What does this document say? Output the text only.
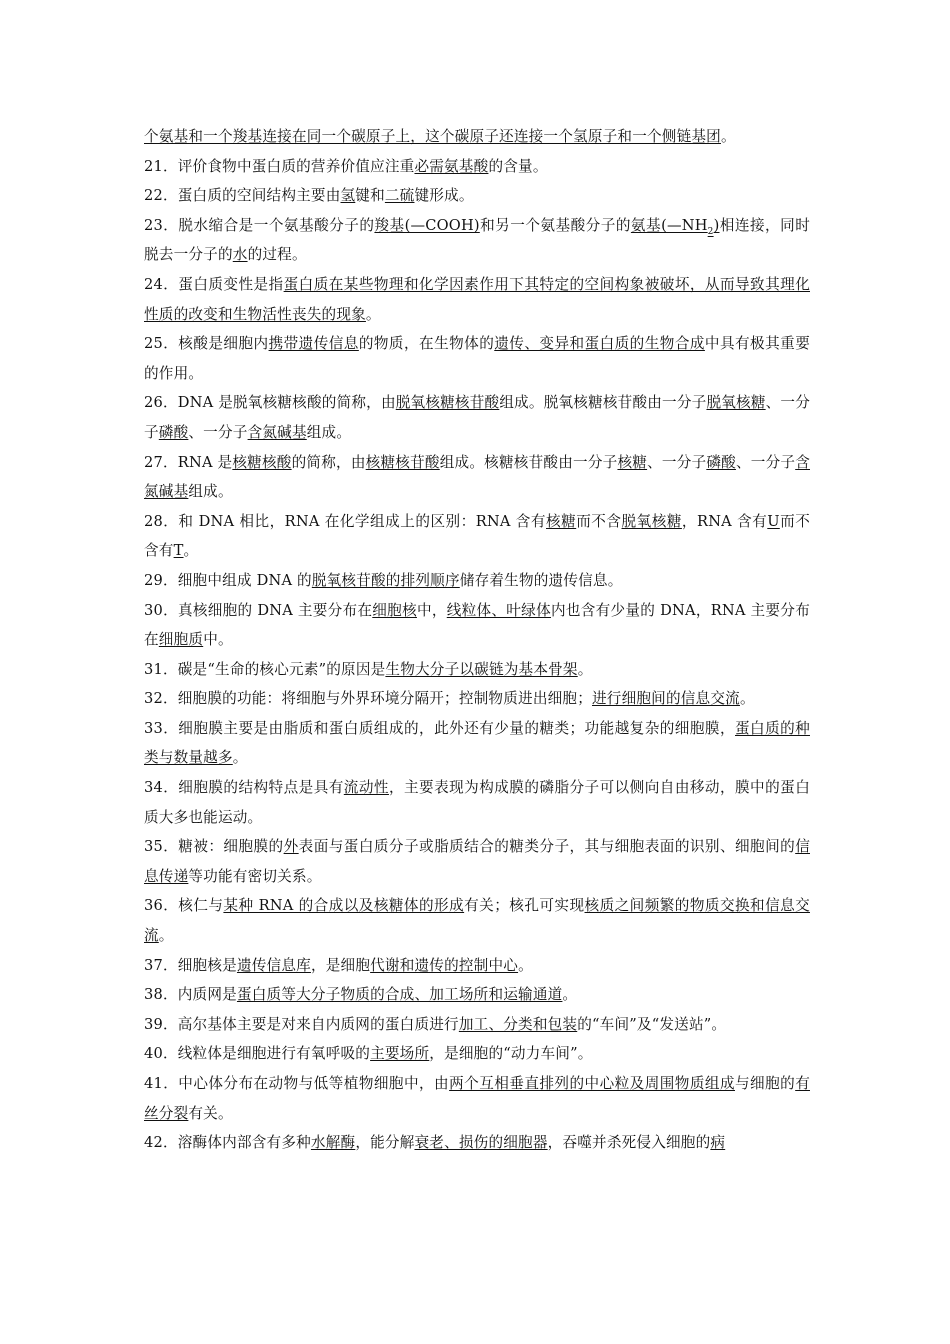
个氨基和一个羧基连接在同一个碳原子上，这个碳原子还连接一个氢原子和一个侧链基团。

21．评价食物中蛋白质的营养价值应注重必需氨基酸的含量。

22．蛋白质的空间结构主要由氢键和二硫键形成。

23．脱水缩合是一个氨基酸分子的羧基(—COOH)和另一个氨基酸分子的氨基$(—NH_2)$相连接，同时脱去一分子的水的过程。

24．蛋白质变性是指蛋白质在某些物理和化学因素作用下其特定的空间构象被破坏，从而导致其理化性质的改变和生物活性丧失的现象。

25．核酸是细胞内携带遗传信息的物质，在生物体的遗传、变异和蛋白质的生物合成中具有极其重要的作用。

26．DNA 是脱氧核糖核酸的简称，由脱氧核糖核苷酸组成。脱氧核糖核苷酸由一分子脱氧核糖、一分子磷酸、一分子含氮碱基组成。

27．RNA 是核糖核酸的简称，由核糖核苷酸组成。核糖核苷酸由一分子核糖、一分子磷酸、一分子含氮碱基组成。

28．和 DNA 相比，RNA 在化学组成上的区别：RNA 含有核糖而不含脱氧核糖，RNA 含有U而不含有T。

29．细胞中组成 DNA 的脱氧核苷酸的排列顺序储存着生物的遗传信息。

30．真核细胞的 DNA 主要分布在细胞核中，线粒体、叶绿体内也含有少量的 DNA，RNA 主要分布在细胞质中。

31．碳是“生命的核心元素”的原因是生物大分子以碳链为基本骨架。

32．细胞膜的功能：将细胞与外界环境分隔开；控制物质进出细胞；进行细胞间的信息交流。

33．细胞膜主要是由脂质和蛋白质组成的，此外还有少量的糖类；功能越复杂的细胞膜，蛋白质的种类与数量越多。

34．细胞膜的结构特点是具有流动性，主要表现为构成膜的磷脂分子可以侧向自由移动，膜中的蛋白质大多也能运动。

35．糖被：细胞膜的外表面与蛋白质分子或脂质结合的糖类分子，其与细胞表面的识别、细胞间的信息传递等功能有密切关系。

36．核仁与某种 RNA 的合成以及核糖体的形成有关；核孔可实现核质之间频繁的物质交换和信息交流。

37．细胞核是遗传信息库，是细胞代谢和遗传的控制中心。

38．内质网是蛋白质等大分子物质的合成、加工场所和运输通道。

39．高尔基体主要是对来自内质网的蛋白质进行加工、分类和包装的“车间”及“发送站”。

40．线粒体是细胞进行有氧呼吸的主要场所，是细胞的“动力车间”。

41．中心体分布在动物与低等植物细胞中，由两个互相垂直排列的中心粒及周围物质组成与细胞的有丝分裂有关。

42．溶酶体内部含有多种水解酶，能分解衰老、损伤的细胞器，吞噬并杀死侵入细胞的病
